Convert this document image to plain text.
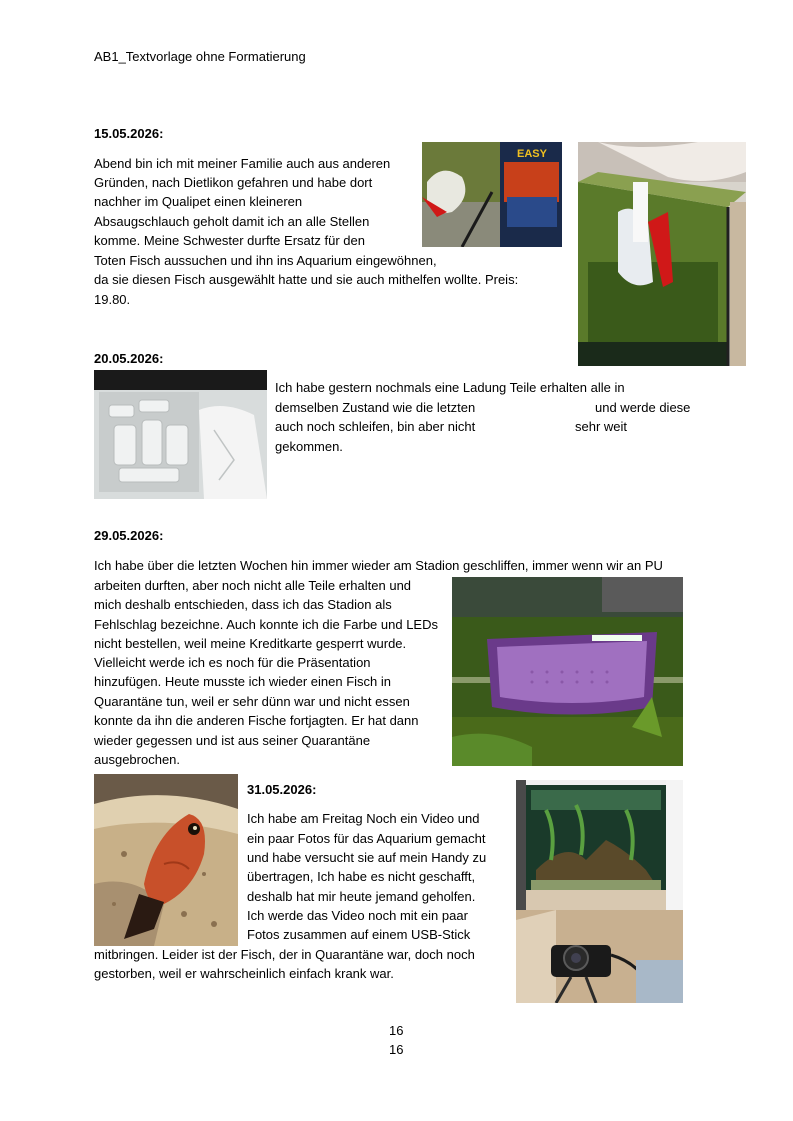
AB1_Textvorlage ohne Formatierung
15.05.2026:
Abend bin ich mit meiner Familie auch aus anderen
Gründen, nach Dietlikon gefahren und habe dort
nachher im Qualipet einen kleineren
Absaugschlauch geholt damit ich an alle Stellen
komme. Meine Schwester durfte Ersatz für den
Toten Fisch aussuchen und ihn ins Aquarium eingewöhnen,
da sie diesen Fisch ausgewählt hatte und sie auch mithelfen wollte. Preis:
19.80.
EASY
20.05.2026:
Ich habe gestern nochmals eine Ladung Teile erhalten alle in
demselben Zustand wie die letzten	und werde diese
auch noch schleifen, bin aber nicht	sehr weit
gekommen.
29.05.2026:
Ich habe über die letzten Wochen hin immer wieder am Stadion geschliffen, immer wenn wir an PU
arbeiten durften, aber noch nicht alle Teile erhalten und
mich deshalb entschieden, dass ich das Stadion als
Fehlschlag bezeichne. Auch konnte ich die Farbe und LEDs
nicht bestellen, weil meine Kreditkarte gesperrt wurde.
Vielleicht werde ich es noch für die Präsentation
hinzufügen. Heute musste ich wieder einen Fisch in
Quarantäne tun, weil er sehr dünn war und nicht essen
konnte da ihn die anderen Fische fortjagten. Er hat dann
wieder gegessen und ist aus seiner Quarantäne
ausgebrochen.
31.05.2026:
Ich habe am Freitag Noch ein Video und
ein paar Fotos für das Aquarium gemacht
und habe versucht sie auf mein Handy zu
übertragen, Ich habe es nicht geschafft,
deshalb hat mir heute jemand geholfen.
Ich werde das Video noch mit ein paar
Fotos zusammen auf einem USB-Stick
mitbringen. Leider ist der Fisch, der in Quarantäne war, doch noch
gestorben, weil er wahrscheinlich einfach krank war.
16
16
